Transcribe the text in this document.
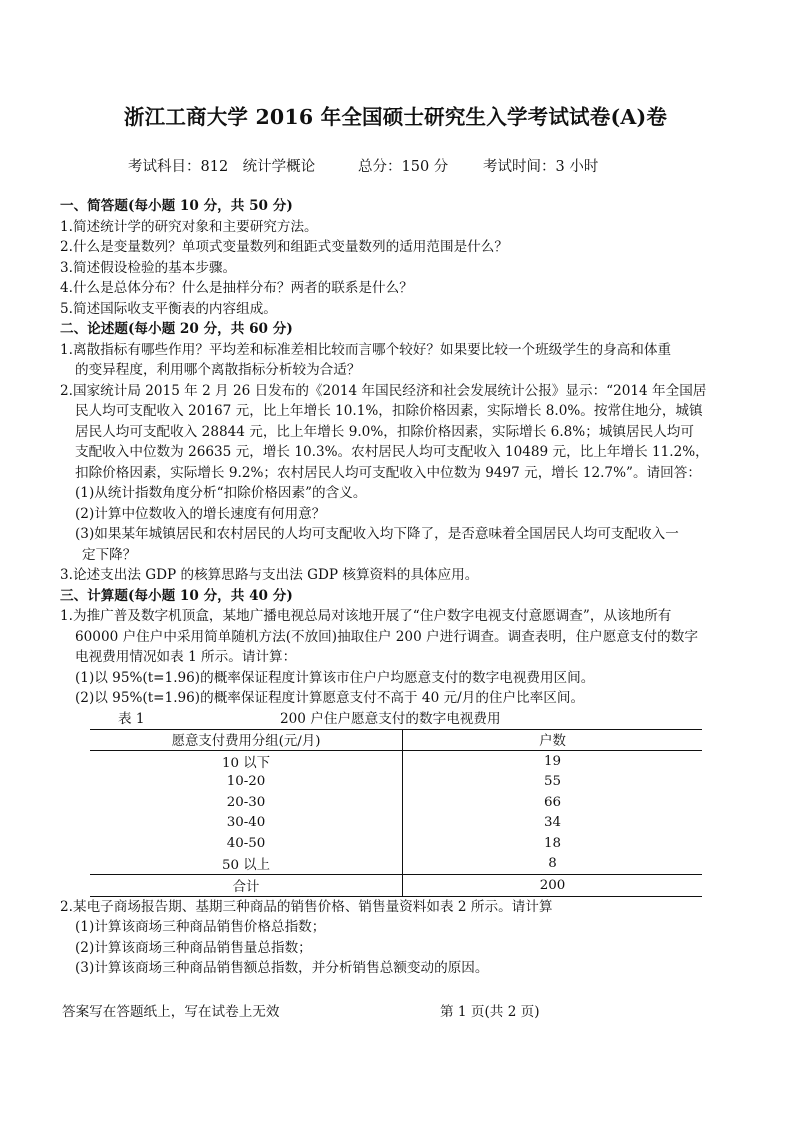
浙江工商大学 2016 年全国硕士研究生入学考试试卷(A)卷
考试科目：812　统计学概论	总分：150 分 考试时间：3 小时
一、简答题(每小题 10 分，共 50 分)
1.简述统计学的研究对象和主要研究方法。
2.什么是变量数列？单项式变量数列和组距式变量数列的适用范围是什么？
3.简述假设检验的基本步骤。
4.什么是总体分布？什么是抽样分布？两者的联系是什么？
5.简述国际收支平衡表的内容组成。
二、论述题(每小题 20 分，共 60 分)
1.离散指标有哪些作用？平均差和标准差相比较而言哪个较好？如果要比较一个班级学生的身高和体重
的变异程度，利用哪个离散指标分析较为合适？
2.国家统计局 2015 年 2 月 26 日发布的《2014 年国民经济和社会发展统计公报》显示：“2014 年全国居
民人均可支配收入 20167 元，比上年增长 10.1%，扣除价格因素，实际增长 8.0%。按常住地分，城镇
居民人均可支配收入 28844 元，比上年增长 9.0%，扣除价格因素，实际增长 6.8%；城镇居民人均可
支配收入中位数为 26635 元，增长 10.3%。农村居民人均可支配收入 10489 元，比上年增长 11.2%，
扣除价格因素，实际增长 9.2%；农村居民人均可支配收入中位数为 9497 元，增长 12.7%”。请回答：
(1)从统计指数角度分析“扣除价格因素”的含义。
(2)计算中位数收入的增长速度有何用意？
(3)如果某年城镇居民和农村居民的人均可支配收入均下降了，是否意味着全国居民人均可支配收入一
定下降？
3.论述支出法 GDP 的核算思路与支出法 GDP 核算资料的具体应用。
三、计算题(每小题 10 分，共 40 分)
1.为推广普及数字机顶盒，某地广播电视总局对该地开展了“住户数字电视支付意愿调查”，从该地所有
60000 户住户中采用简单随机方法(不放回)抽取住户 200 户进行调查。调查表明，住户愿意支付的数字
电视费用情况如表 1 所示。请计算：
(1)以 95%(t=1.96)的概率保证程度计算该市住户户均愿意支付的数字电视费用区间。
(2)以 95%(t=1.96)的概率保证程度计算愿意支付不高于 40 元/月的住户比率区间。
表 1	200 户住户愿意支付的数字电视费用
愿意支付费用分组(元/月)	户数
10 以下	19
10-20	55
20-30	66
30-40	34
40-50	18
50 以上	8
合计	200
2.某电子商场报告期、基期三种商品的销售价格、销售量资料如表 2 所示。请计算
(1)计算该商场三种商品销售价格总指数；
(2)计算该商场三种商品销售量总指数；
(3)计算该商场三种商品销售额总指数，并分析销售总额变动的原因。
答案写在答题纸上，写在试卷上无效	第 1 页(共 2 页)
